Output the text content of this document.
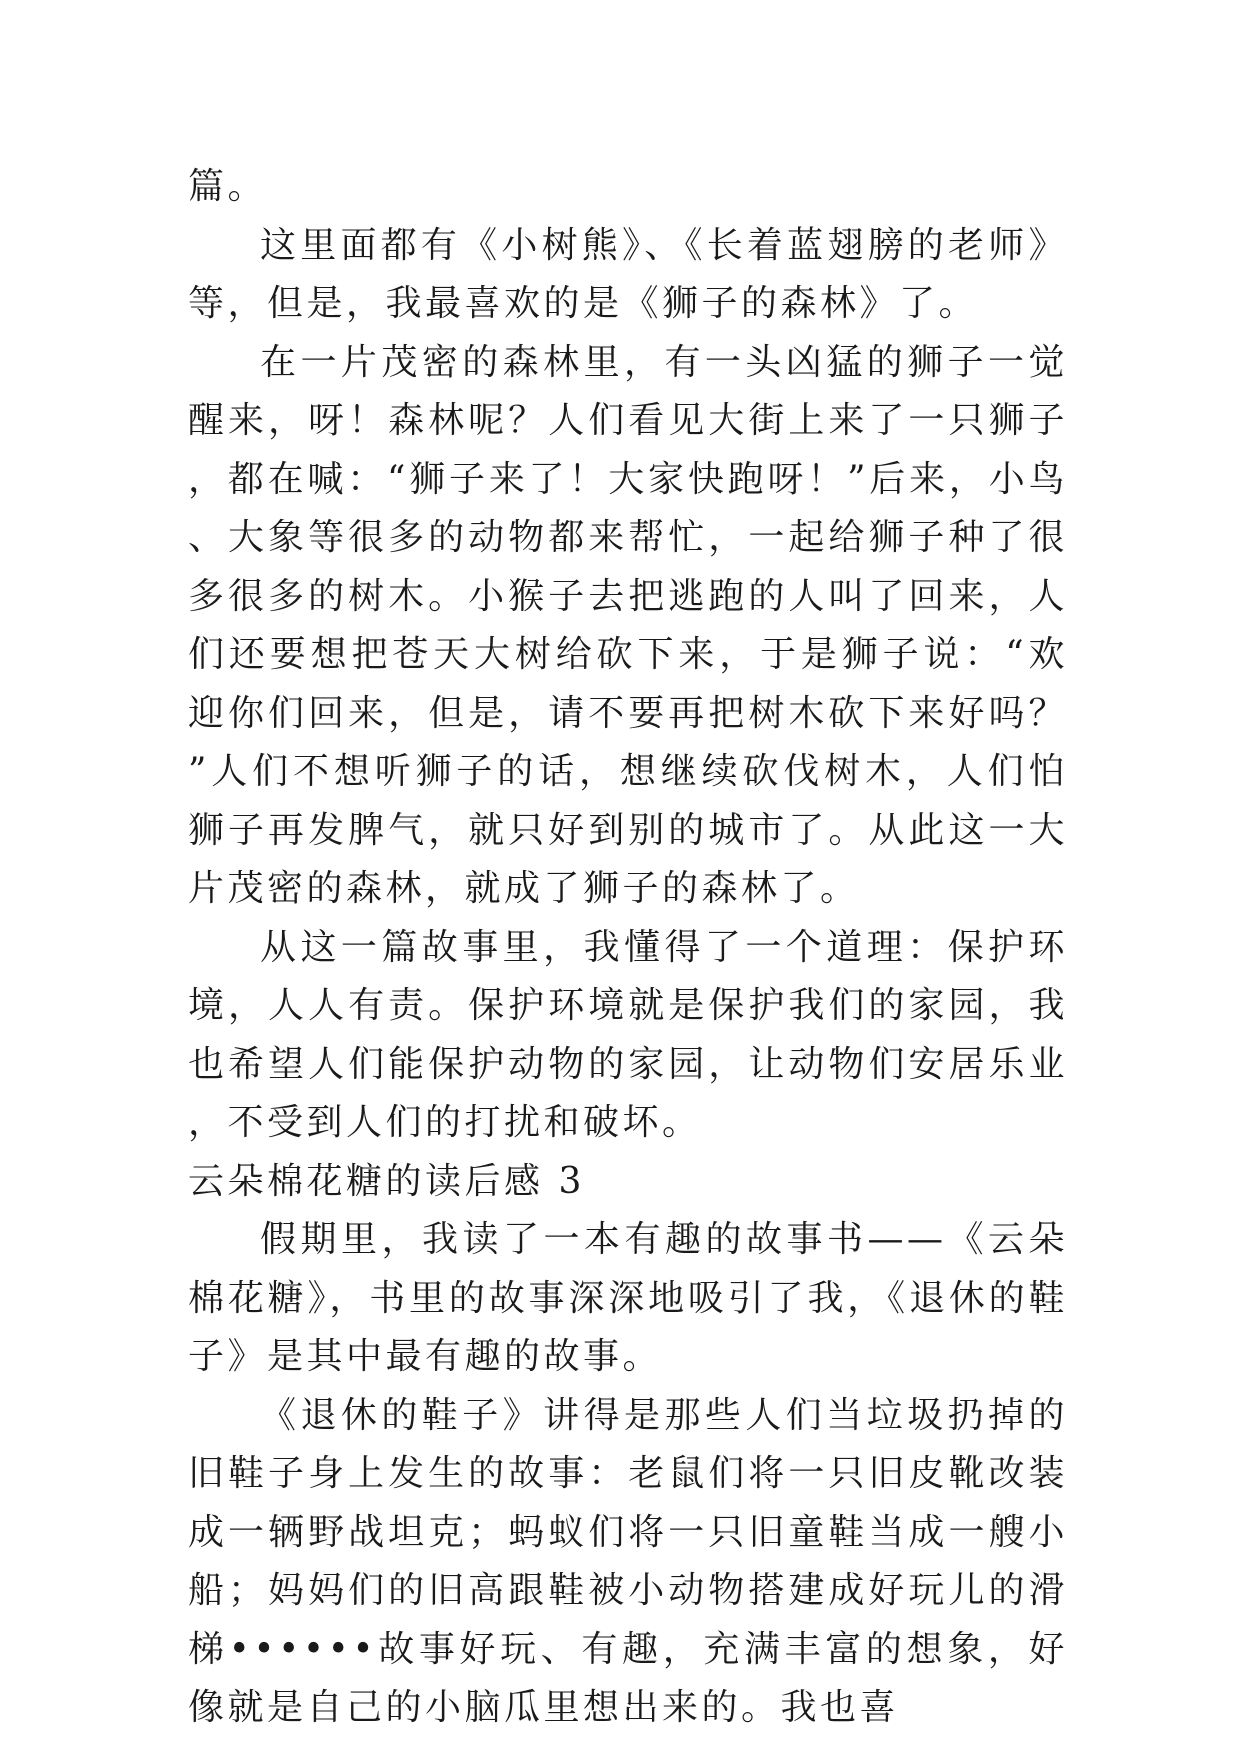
篇。

这里面都有《小树熊》、《长着蓝翅膀的老师》等，但是，我最喜欢的是《狮子的森林》了。

在一片茂密的森林里，有一头凶猛的狮子一觉醒来，呀！森林呢？人们看见大街上来了一只狮子，都在喊：“狮子来了！大家快跑呀！”后来，小鸟、大象等很多的动物都来帮忙，一起给狮子种了很多很多的树木。小猴子去把逃跑的人叫了回来，人们还要想把苍天大树给砍下来，于是狮子说：“欢迎你们回来，但是，请不要再把树木砍下来好吗？”人们不想听狮子的话，想继续砍伐树木，人们怕狮子再发脾气，就只好到别的城市了。从此这一大片茂密的森林，就成了狮子的森林了。

从这一篇故事里，我懂得了一个道理：保护环境，人人有责。保护环境就是保护我们的家园，我也希望人们能保护动物的家园，让动物们安居乐业，不受到人们的打扰和破坏。

云朵棉花糖的读后感 3

假期里，我读了一本有趣的故事书——《云朵棉花糖》，书里的故事深深地吸引了我，《退休的鞋子》是其中最有趣的故事。

《退休的鞋子》讲得是那些人们当垃圾扔掉的旧鞋子身上发生的故事：老鼠们将一只旧皮靴改装成一辆野战坦克；蚂蚁们将一只旧童鞋当成一艘小船；妈妈们的旧高跟鞋被小动物搭建成好玩儿的滑梯••••••故事好玩、有趣，充满丰富的想象，好像就是自己的小脑瓜里想出来的。我也喜
